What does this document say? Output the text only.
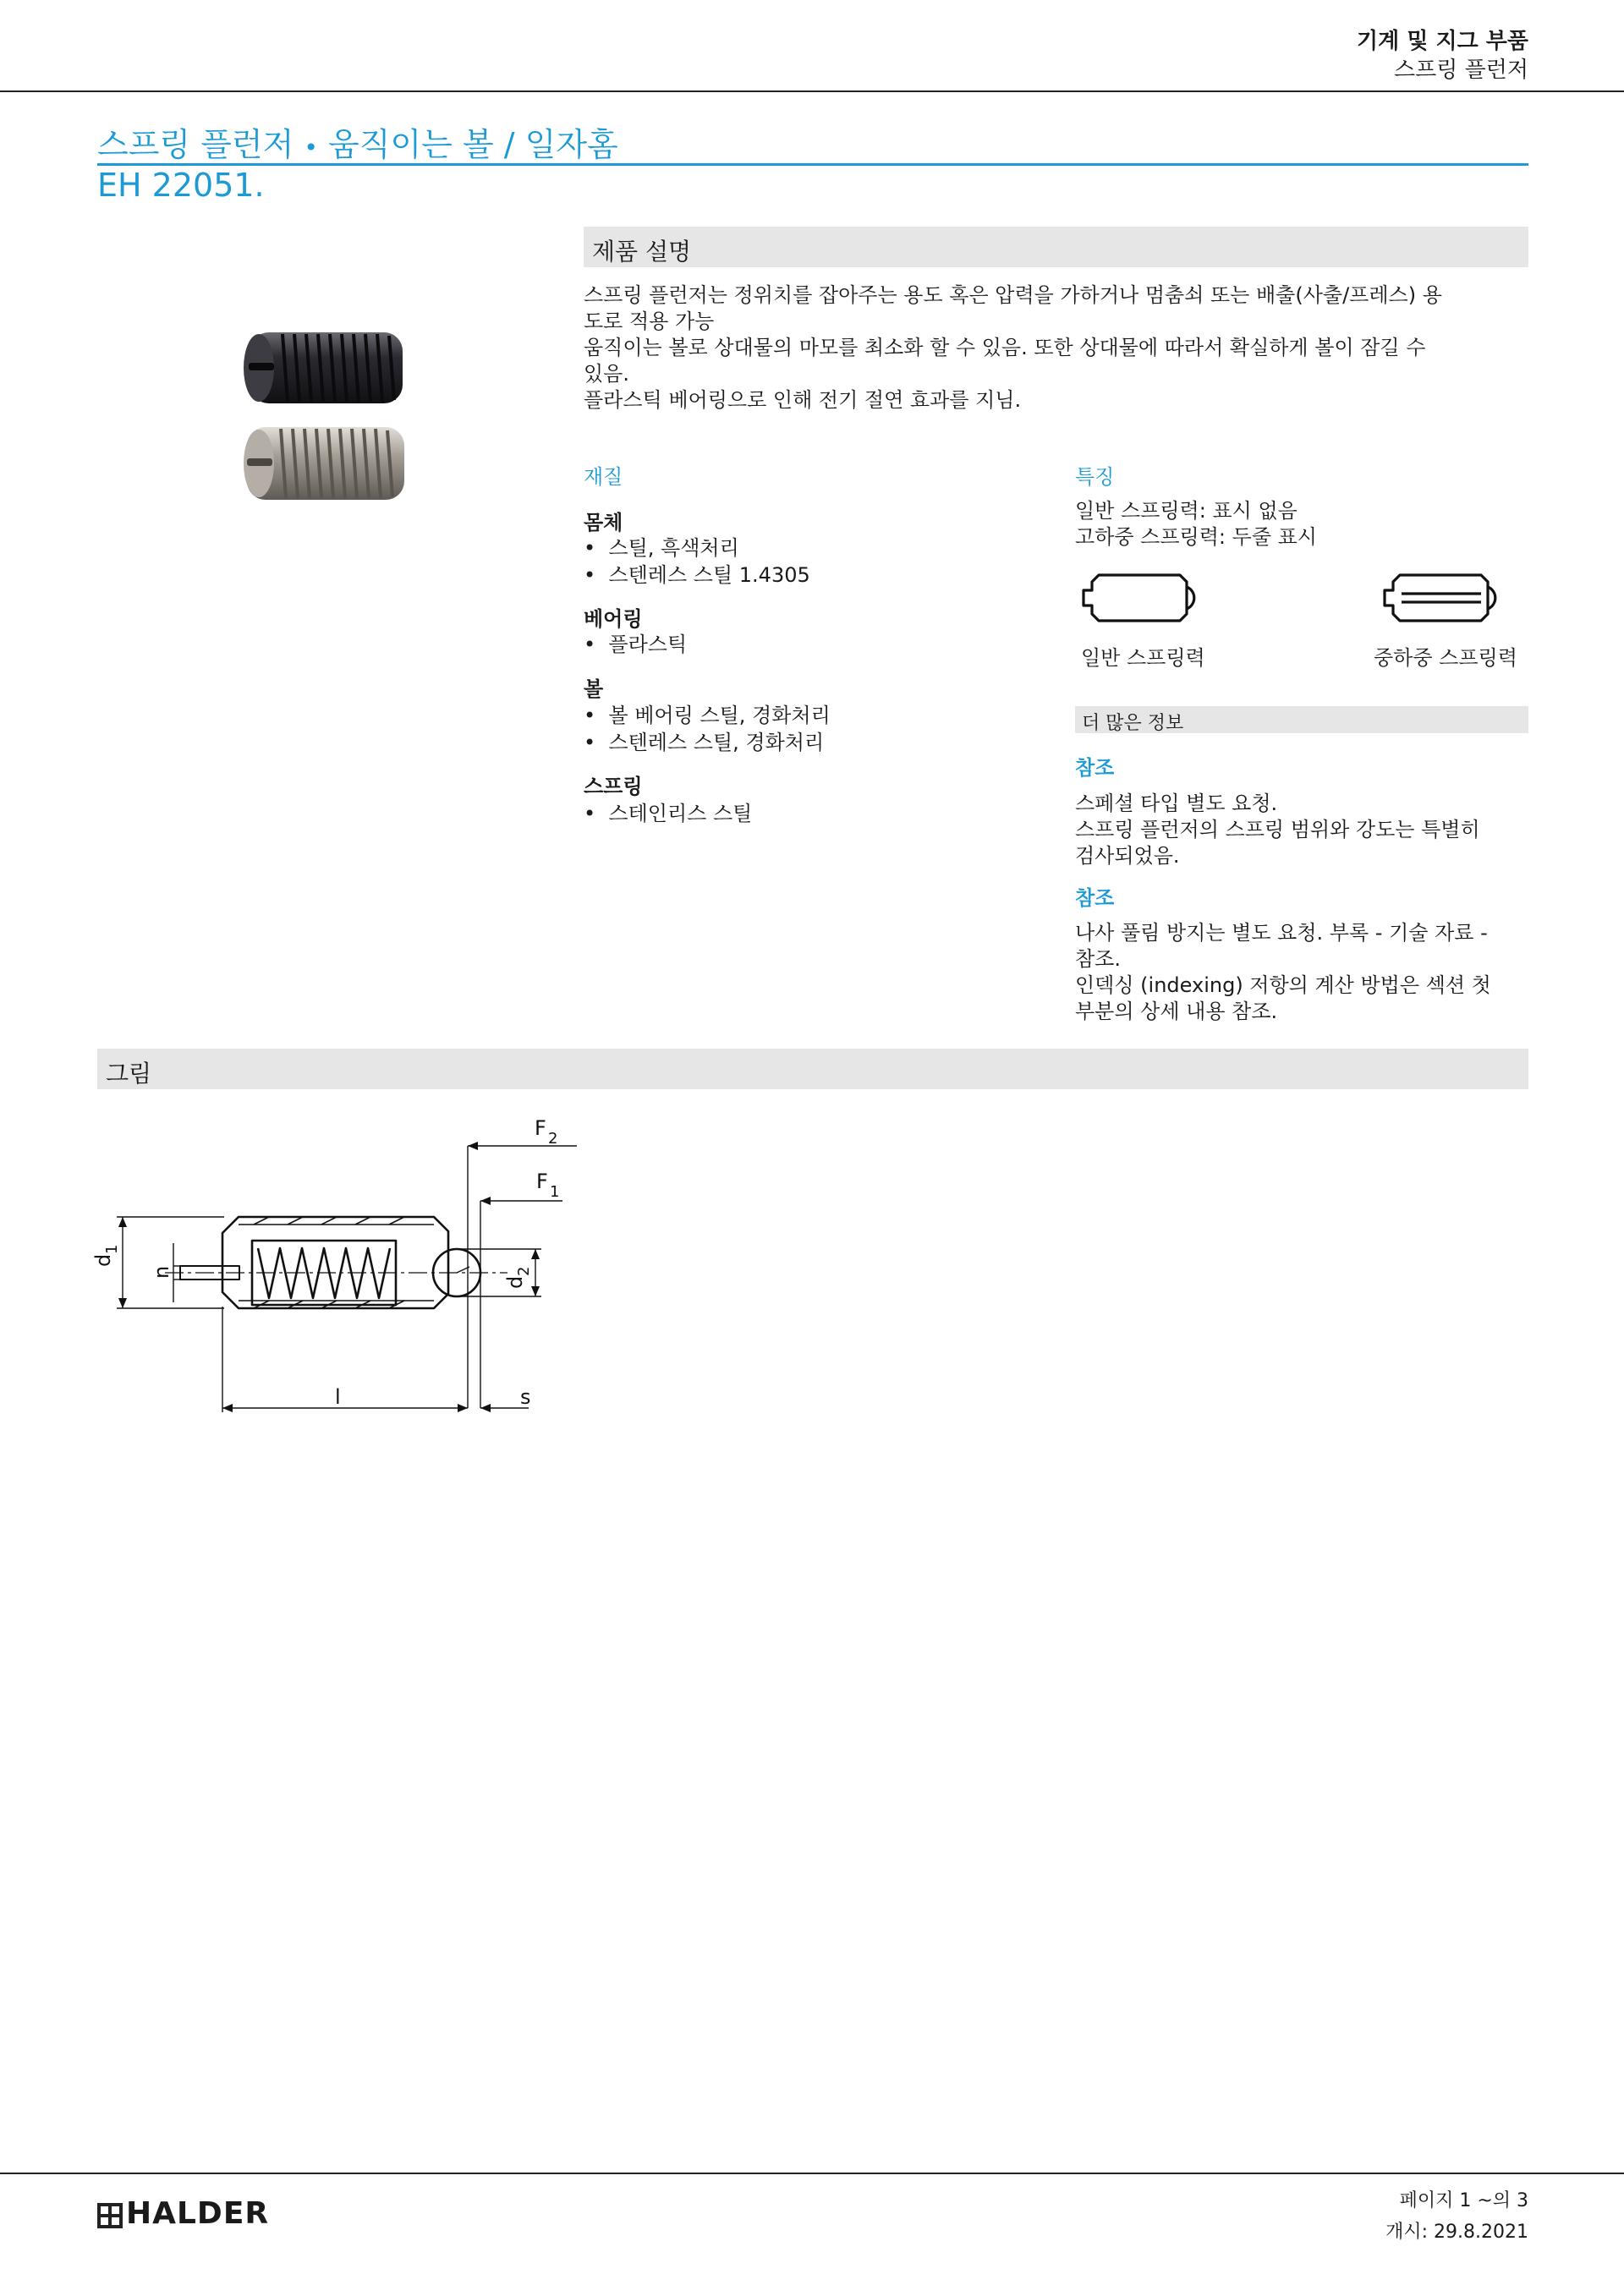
기계 및 지그 부품
스프링 플런저
스프링 플런저 • 움직이는 볼 / 일자홈
EH 22051.
제품 설명
스프링 플런저는 정위치를 잡아주는 용도 혹은 압력을 가하거나 멈춤쇠 또는 배출(사출/프레스) 용
도로 적용 가능
움직이는 볼로 상대물의 마모를 최소화 할 수 있음. 또한 상대물에 따라서 확실하게 볼이 잠길 수
있음.
플라스틱 베어링으로 인해 전기 절연 효과를 지님.
재질
몸체
•  스틸, 흑색처리
•  스텐레스 스틸 1.4305
베어링
•  플라스틱
볼
•  볼 베어링 스틸, 경화처리
•  스텐레스 스틸, 경화처리
스프링
•  스테인리스 스틸
특징
일반 스프링력: 표시 없음
고하중 스프링력: 두줄 표시
일반 스프링력	중하중 스프링력
더 많은 정보
참조
스페셜 타입 별도 요청.
스프링 플런저의 스프링 범위와 강도는 특별히
검사되었음.
참조
나사 풀림 방지는 별도 요청. 부록 - 기술 자료 -
참조.
인덱싱 (indexing) 저항의 계산 방법은 섹션 첫
부분의 상세 내용 참조.
그림
F 2
F 1
s
l
d
1
n
d
2
HALDER	페이지 1 ~의 3
개시: 29.8.2021
